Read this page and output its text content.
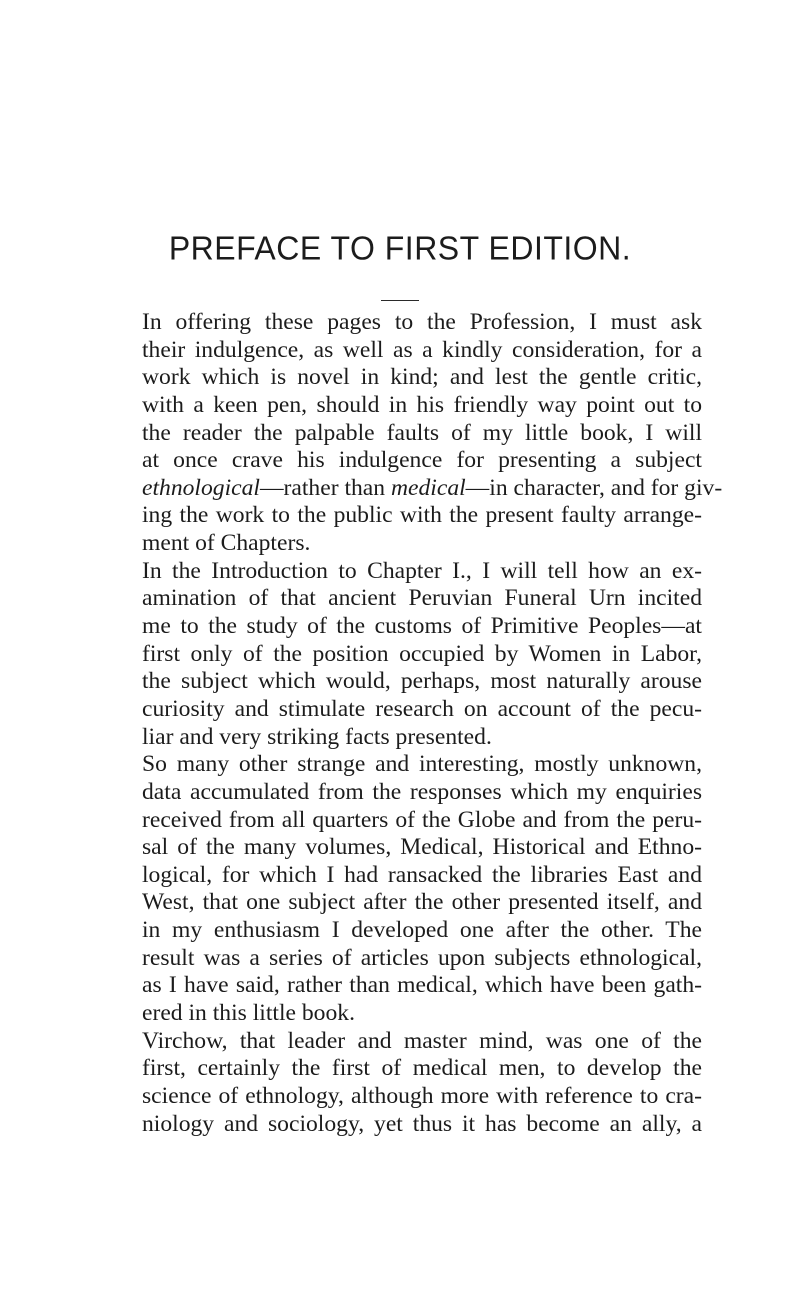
PREFACE TO FIRST EDITION.
In offering these pages to the Profession, I must ask
their indulgence, as well as a kindly consideration, for a
work which is novel in kind; and lest the gentle critic,
with a keen pen, should in his friendly way point out to
the reader the palpable faults of my little book, I will
at once crave his indulgence for presenting a subject
ethnological—rather than medical—in character, and for giv-
ing the work to the public with the present faulty arrange-
ment of Chapters.
In the Introduction to Chapter I., I will tell how an ex-
amination of that ancient Peruvian Funeral Urn incited
me to the study of the customs of Primitive Peoples—at
first only of the position occupied by Women in Labor,
the subject which would, perhaps, most naturally arouse
curiosity and stimulate research on account of the pecu-
liar and very striking facts presented.
So many other strange and interesting, mostly unknown,
data accumulated from the responses which my enquiries
received from all quarters of the Globe and from the peru-
sal of the many volumes, Medical, Historical and Ethno-
logical, for which I had ransacked the libraries East and
West, that one subject after the other presented itself, and
in my enthusiasm I developed one after the other. The
result was a series of articles upon subjects ethnological,
as I have said, rather than medical, which have been gath-
ered in this little book.
Virchow, that leader and master mind, was one of the
first, certainly the first of medical men, to develop the
science of ethnology, although more with reference to cra-
niology and sociology, yet thus it has become an ally, a
